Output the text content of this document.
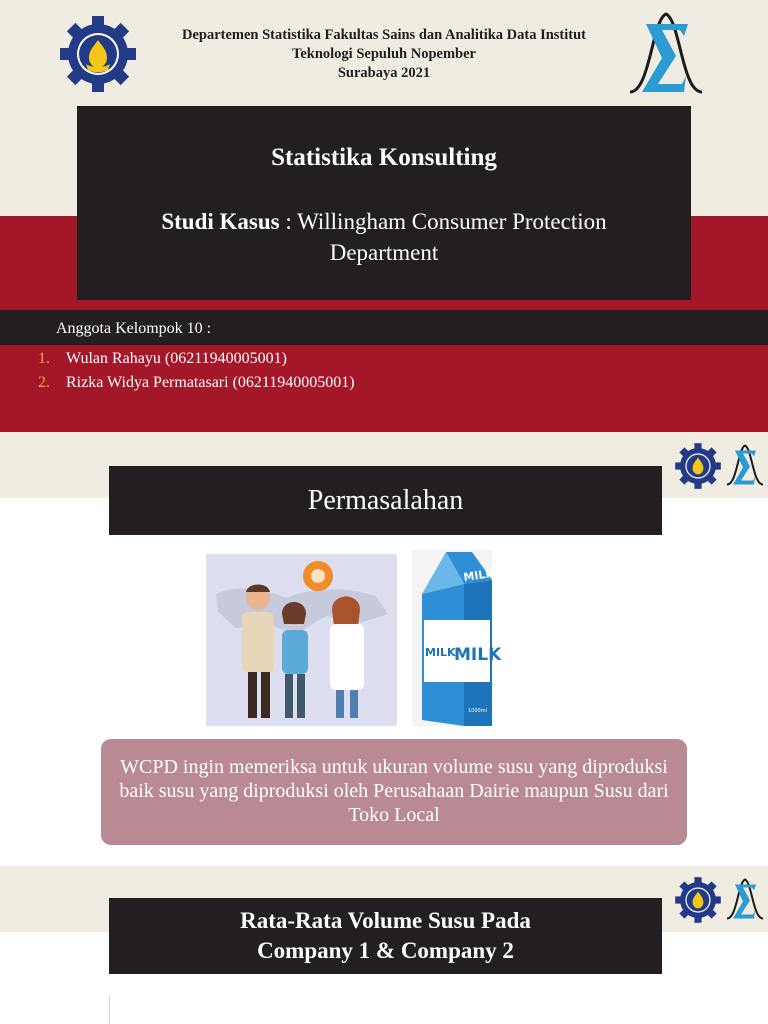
Departemen Statistika Fakultas Sains dan Analitika Data Institut
Teknologi Sepuluh Nopember
Surabaya 2021
Statistika Konsulting
Studi Kasus : Willingham Consumer Protection Department
Anggota Kelompok 10 :
1. Wulan Rahayu (06211940005001)
2. Rizka Widya Permatasari (06211940005001)
Permasalahan
MILK
MILK
MILK
1000ml
WCPD ingin memeriksa untuk ukuran volume susu yang diproduksi baik susu yang diproduksi oleh Perusahaan Dairie maupun Susu dari Toko Local
Rata-Rata Volume Susu Pada
Company 1 & Company 2
